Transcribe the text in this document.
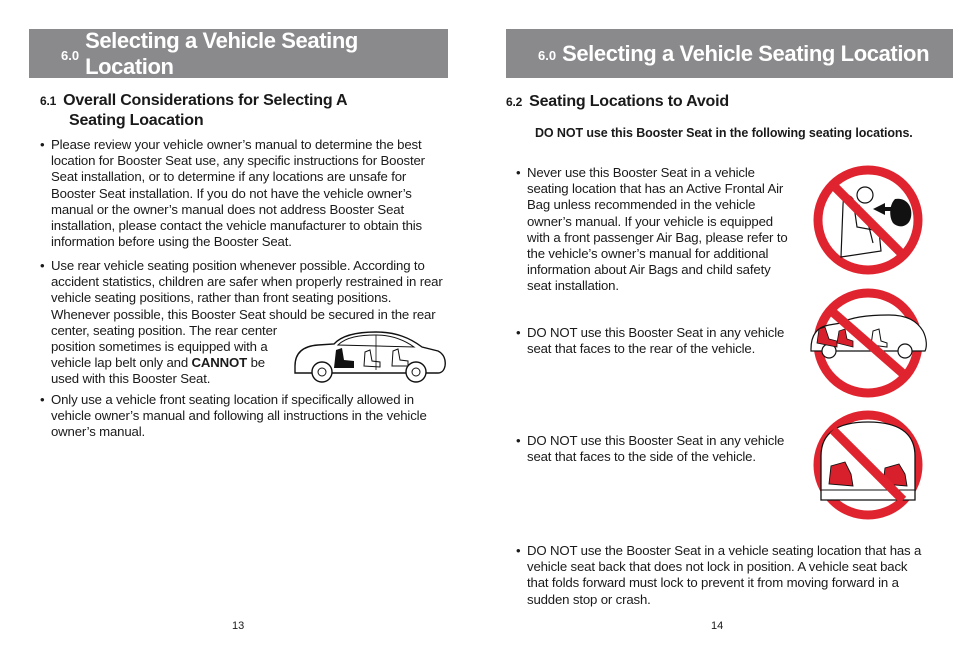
6.0
Selecting a Vehicle Seating Location
6.1 Overall Considerations for Selecting A
Seating Loacation
• Please review your vehicle owner’s manual to determine the best location for Booster Seat use, any specific instructions for Booster Seat installation, or to determine if any locations are unsafe for Booster Seat installation. If you do not have the vehicle owner’s manual or the owner’s manual does not address Booster Seat installation, please contact the vehicle manufacturer to obtain this information before using the Booster Seat.
• Use rear vehicle seating position whenever possible. According to accident statistics, children are safer when properly restrained in rear vehicle seating positions, rather than front seating positions. Whenever possible, this Booster Seat should be secured in the rear
center, seating position. The rear center position sometimes is equipped with a vehicle lap belt only and CANNOT be used with this Booster Seat.
• Only use a vehicle front seating location if specifically allowed in vehicle owner’s manual and following all instructions in the vehicle owner’s manual.
13
6.0 Selecting a Vehicle Seating Location
6.2 Seating Locations to Avoid
DO NOT use this Booster Seat in the following seating locations.
• Never use this Booster Seat in a vehicle seating location that has an Active Frontal Air Bag unless recommended in the vehicle owner’s manual. If your vehicle is equipped with a front passenger Air Bag, please refer to the vehicle’s owner’s manual for additional information about Air Bags and child safety seat installation.
• DO NOT use this Booster Seat in any vehicle seat that faces to the rear of the vehicle.
• DO NOT use this Booster Seat in any vehicle seat that faces to the side of the vehicle.
• DO NOT use the Booster Seat in a vehicle seating location that has a vehicle seat back that does not lock in position. A vehicle seat back that folds forward must lock to prevent it from moving forward in a sudden stop or crash.
14
